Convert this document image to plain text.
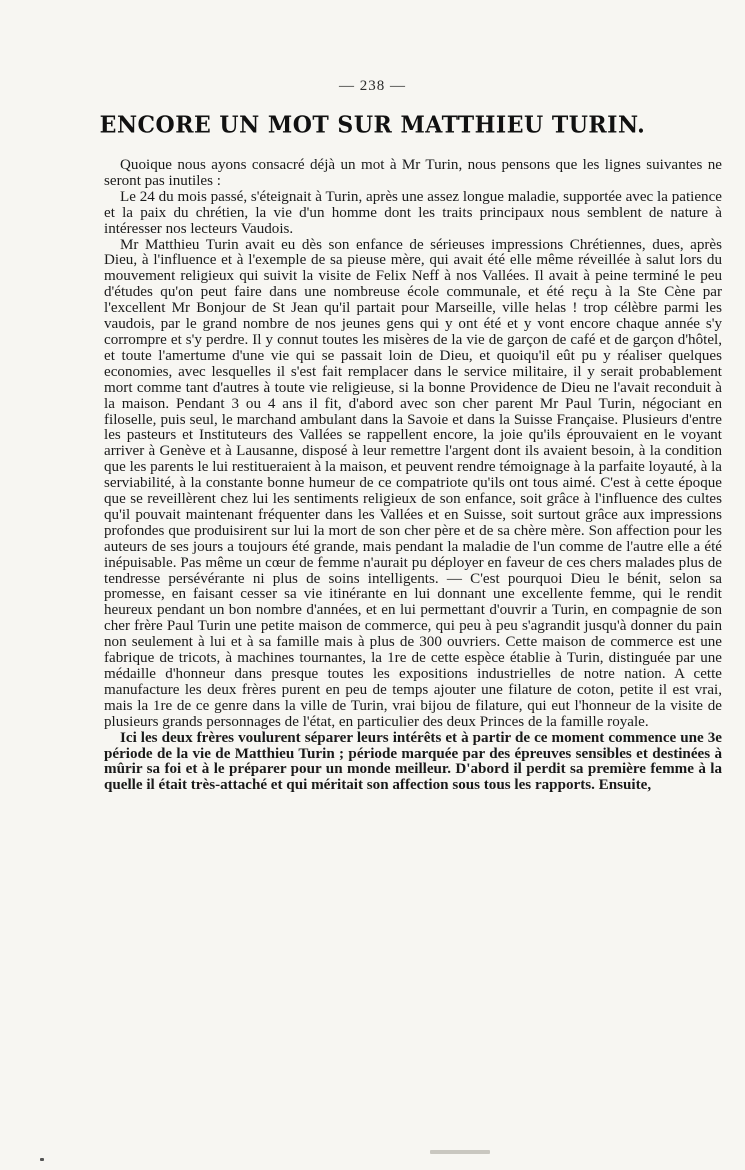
— 238 —
ENCORE UN MOT SUR MATTHIEU TURIN.

Quoique nous ayons consacré déjà un mot à Mr Turin, nous pensons que les lignes suivantes ne seront pas inutiles :

Le 24 du mois passé, s'éteignait à Turin, après une assez longue maladie, supportée avec la patience et la paix du chrétien, la vie d'un homme dont les traits principaux nous semblent de nature à intéresser nos lecteurs Vaudois.

Mr Matthieu Turin avait eu dès son enfance de sérieuses impressions Chrétiennes, dues, après Dieu, à l'influence et à l'exemple de sa pieuse mère, qui avait été elle même réveillée à salut lors du mouvement religieux qui suivit la visite de Felix Neff à nos Vallées. Il avait à peine terminé le peu d'études qu'on peut faire dans une nombreuse école communale, et été reçu à la Ste Cène par l'excellent Mr Bonjour de St Jean qu'il partait pour Marseille, ville helas ! trop célèbre parmi les vaudois, par le grand nombre de nos jeunes gens qui y ont été et y vont encore chaque année s'y corrompre et s'y perdre. Il y connut toutes les misères de la vie de garçon de café et de garçon d'hôtel, et toute l'amertume d'une vie qui se passait loin de Dieu, et quoiqu'il eût pu y réaliser quelques economies, avec lesquelles il s'est fait remplacer dans le service militaire, il y serait probablement mort comme tant d'autres à toute vie religieuse, si la bonne Providence de Dieu ne l'avait reconduit à la maison. Pendant 3 ou 4 ans il fit, d'abord avec son cher parent Mr Paul Turin, négociant en filoselle, puis seul, le marchand ambulant dans la Savoie et dans la Suisse Française. Plusieurs d'entre les pasteurs et Instituteurs des Vallées se rappellent encore, la joie qu'ils éprouvaient en le voyant arriver à Genève et à Lausanne, disposé à leur remettre l'argent dont ils avaient besoin, à la condition que les parents le lui restitueraient à la maison, et peuvent rendre témoignage à la parfaite loyauté, à la serviabilité, à la constante bonne humeur de ce compatriote qu'ils ont tous aimé. C'est à cette époque que se reveillèrent chez lui les sentiments religieux de son enfance, soit grâce à l'influence des cultes qu'il pouvait maintenant fréquenter dans les Vallées et en Suisse, soit surtout grâce aux impressions profondes que produisirent sur lui la mort de son cher père et de sa chère mère. Son affection pour les auteurs de ses jours a toujours été grande, mais pendant la maladie de l'un comme de l'autre elle a été inépuisable. Pas même un cœur de femme n'aurait pu déployer en faveur de ces chers malades plus de tendresse persévérante ni plus de soins intelligents. — C'est pourquoi Dieu le bénit, selon sa promesse, en faisant cesser sa vie itinérante en lui donnant une excellente femme, qui le rendit heureux pendant un bon nombre d'années, et en lui permettant d'ouvrir a Turin, en compagnie de son cher frère Paul Turin une petite maison de commerce, qui peu à peu s'agrandit jusqu'à donner du pain non seulement à lui et à sa famille mais à plus de 300 ouvriers. Cette maison de commerce est une fabrique de tricots, à machines tournantes, la 1re de cette espèce établie à Turin, distinguée par une médaille d'honneur dans presque toutes les expositions industrielles de notre nation. A cette manufacture les deux frères purent en peu de temps ajouter une filature de coton, petite il est vrai, mais la 1re de ce genre dans la ville de Turin, vrai bijou de filature, qui eut l'honneur de la visite de plusieurs grands personnages de l'état, en particulier des deux Princes de la famille royale.

Ici les deux frères voulurent séparer leurs intérêts et à partir de ce moment commence une 3e période de la vie de Matthieu Turin ; période marquée par des épreuves sensibles et destinées à mûrir sa foi et à le préparer pour un monde meilleur. D'abord il perdit sa première femme à la quelle il était très-attaché et qui méritait son affection sous tous les rapports. Ensuite,
